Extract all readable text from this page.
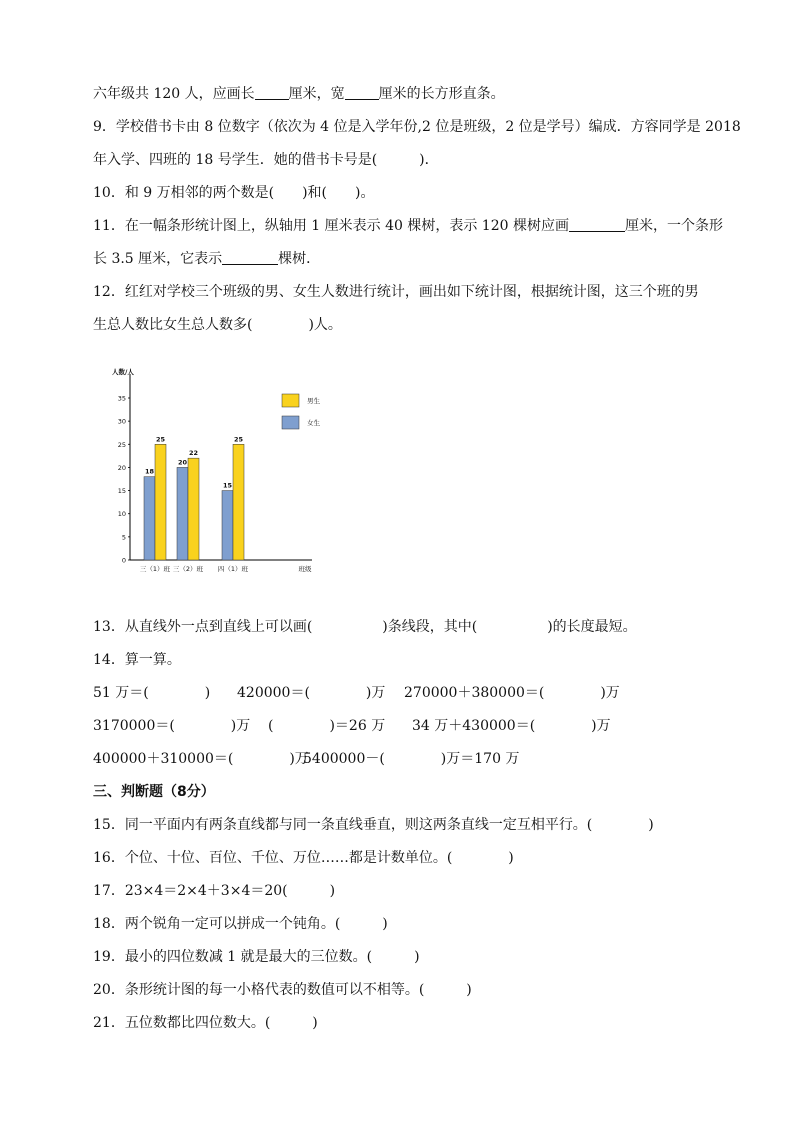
六年级共 120 人，应画长 厘米，宽 厘米的长方形直条。
9．学校借书卡由 8 位数字（依次为 4 位是入学年份,2 位是班级，2 位是学号）编成．方容同学是 2018
年入学、四班的 18 号学生．她的借书卡号是(　　　)．
10．和 9 万相邻的两个数是(　　)和(　　)。
11．在一幅条形统计图上，纵轴用 1 厘米表示 40 棵树，表示 120 棵树应画	厘米，一个条形
长 3.5 厘米，它表示	棵树．
12．红红对学校三个班级的男、女生人数进行统计，画出如下统计图，根据统计图，这三个班的男
生总人数比女生总人数多(　　　　)人。
人数/人
0
5
10
15
20
25
30
35
18
25
三（1）班
20
22
三（2）班
15
25
四（1）班	班级
男生
女生
13．从直线外一点到直线上可以画(　　　　　)条线段，其中(　　　　　)的长度最短。
14．算一算。
51 万＝(　　　　) 420000＝(　　　　)万 270000＋380000＝(　　　　)万
3170000＝(　　　　)万 (　　　　)＝26 万 34 万＋430000＝(　　　　)万
400000＋310000＝(　　　　)万
5400000－(　　　　)万＝170 万
三、判断题（8分）
15．同一平面内有两条直线都与同一条直线垂直，则这两条直线一定互相平行。(　　　　)
16．个位、十位、百位、千位、万位……都是计数单位。(　　　　)
17．23×4＝2×4＋3×4＝20(　　　)
18．两个锐角一定可以拼成一个钝角。(　　　)
19．最小的四位数减 1 就是最大的三位数。(　　　)
20．条形统计图的每一小格代表的数值可以不相等。(　　　)
21．五位数都比四位数大。(　　　)
